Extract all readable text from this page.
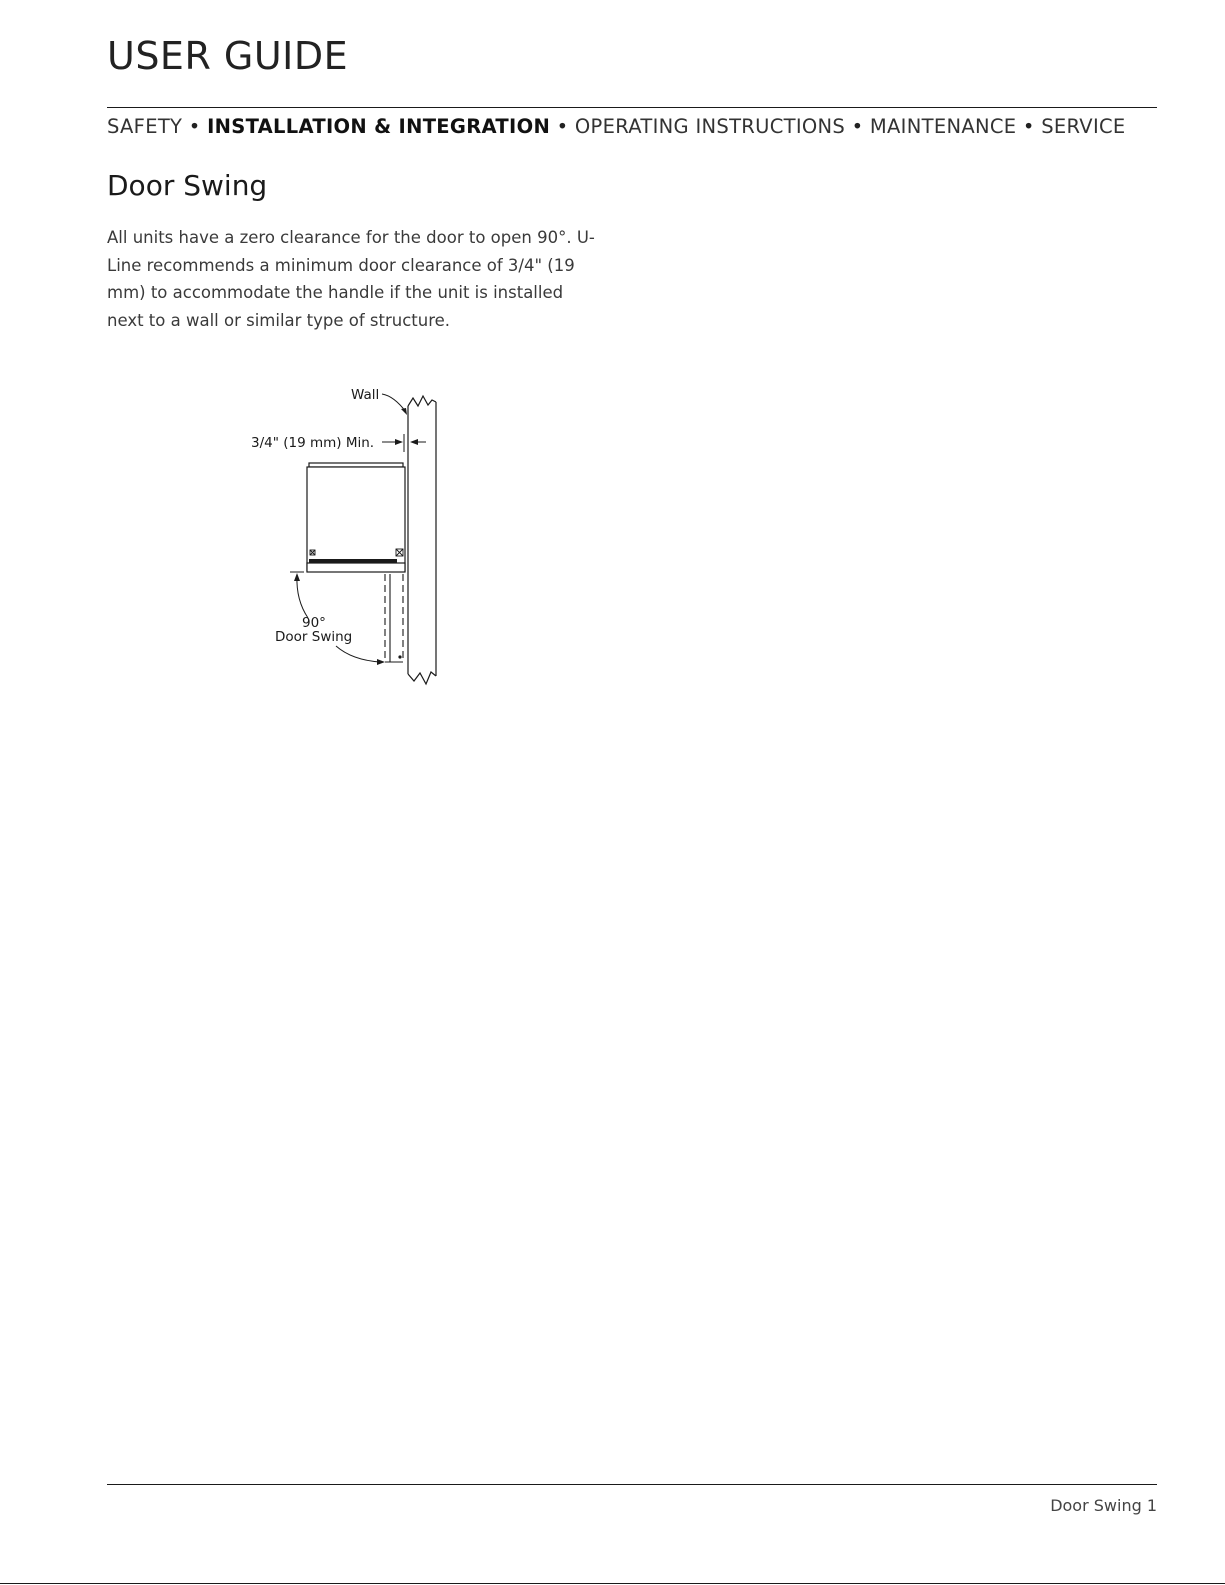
USER GUIDE
SAFETY • INSTALLATION & INTEGRATION • OPERATING INSTRUCTIONS • MAINTENANCE • SERVICE
Door Swing

All units have a zero clearance for the door to open 90°. U-Line recommends a minimum door clearance of 3/4" (19 mm) to accommodate the handle if the unit is installed next to a wall or similar type of structure.

Wall
3/4" (19 mm) Min.
90°
Door Swing
Door Swing 1
